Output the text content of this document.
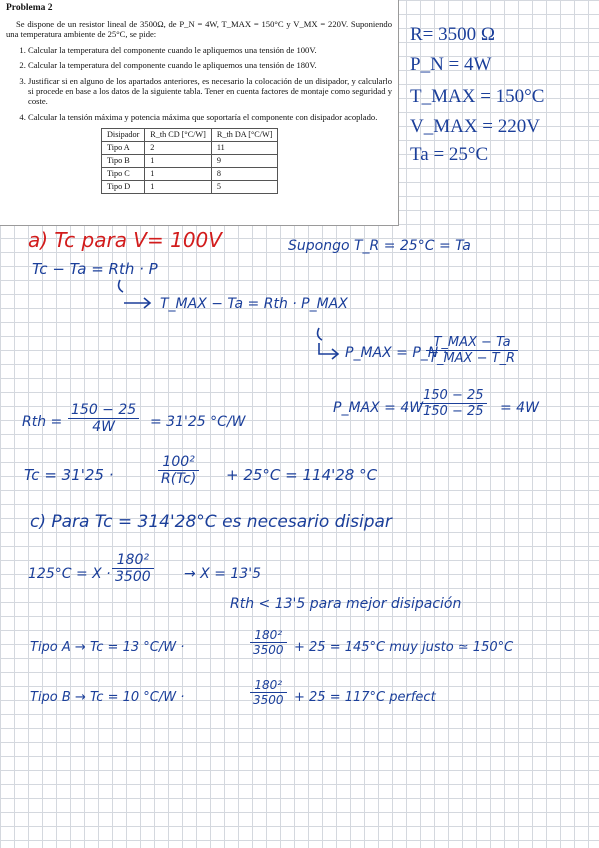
Problema 2
Se dispone de un resistor lineal de 3500Ω, de P_N = 4W, T_MAX = 150°C y V_MX = 220V. Suponiendo una temperatura ambiente de 25°C, se pide:
1. Calcular la temperatura del componente cuando le apliquemos una tensión de 100V.
2. Calcular la temperatura del componente cuando le apliquemos una tensión de 180V.
3. Justificar si en alguno de los apartados anteriores, es necesario la colocación de un disipador, y calcularlo si procede en base a los datos de la siguiente tabla. Tener en cuenta factores de montaje como seguridad y coste.
4. Calcular la tensión máxima y potencia máxima que soportaría el componente con disipador acoplado.
Disipador	R_th CD [°C/W]	R_th DA [°C/W]
Tipo A	2	11
Tipo B	1	9
Tipo C	1	8
Tipo D	1	5
R= 3500 Ω
P_N = 4W
T_MAX = 150°C
V_MAX = 220V
Ta = 25°C
a) Tc para V= 100V	Supongo T_R = 25°C = Ta
Tc − Ta = Rth · P
T_MAX − Ta = Rth · P_MAX
P_MAX = P_N ·
T_MAX − Ta
T_MAX − T_R
P_MAX = 4W ·
$\frac{150 - 25}{150 - 25} = 4W$
Rth = $\frac{150 - 25}{4W} = 31'25$ °C/W
Tc = 31'25 ·	$\frac{\text{100²}}{R(Tc)} + 25^\circ C = 114'28$ °C
c) Para Tc = 314'28°C es necesario disipar
$125^\circ C = X \cdot \frac{\text{180²}}{3500} \to X = 13'5$
Rth < 13'5 para mejor disipación
Tipo A → Tc = 13 °C/W ·	$\frac{\text{180²}}{3500} + 25 = 145^\circ C$ muy justo ≃ 150°C
Tipo B → Tc = 10 °C/W ·	$\frac{\text{180²}}{3500} + 25 = 117^\circ C$ perfect
